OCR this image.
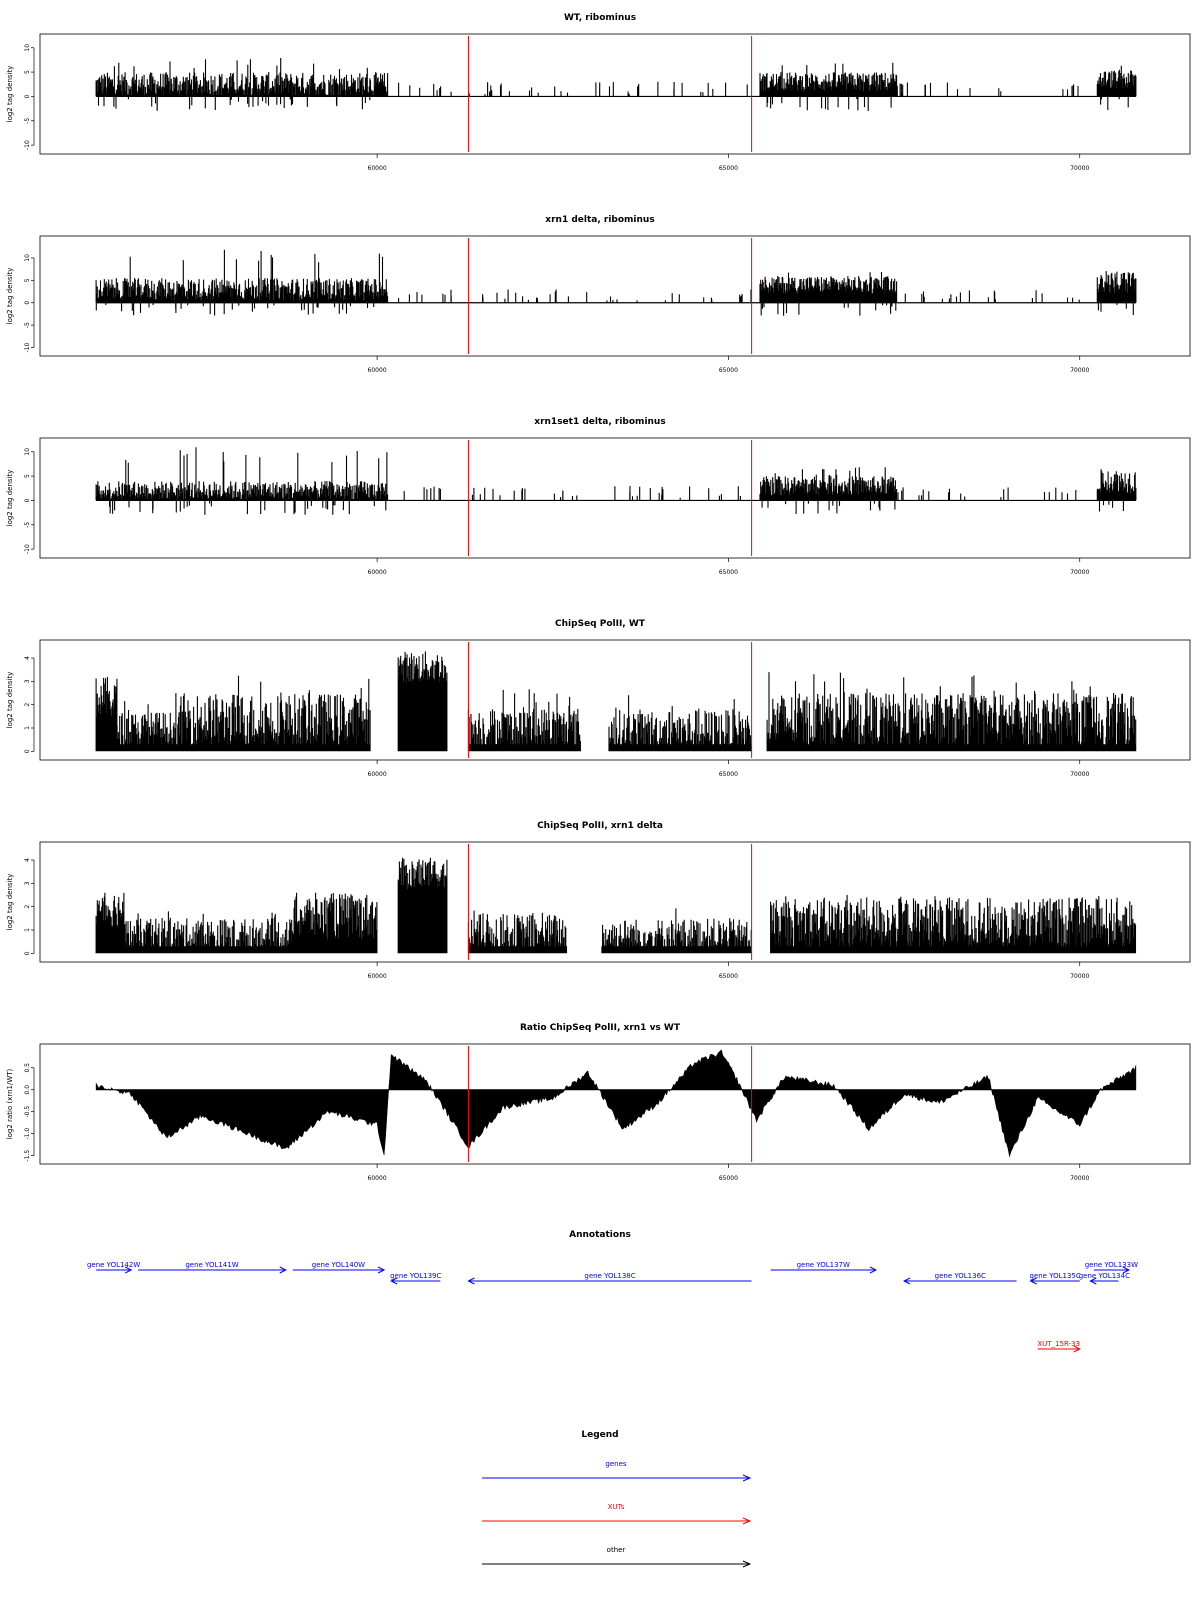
WT, ribominus
-10
-5
0
5
10
log2 tag density
60000	65000	70000
xrn1 delta, ribominus
-10
-5
0
5
10
log2 tag density
60000	65000	70000
xrn1set1 delta, ribominus
-10
-5
0
5
10
log2 tag density
60000	65000	70000
ChipSeq PolII, WT
0
1
2
3
4
log2 tag density
60000	65000	70000
ChipSeq PolII, xrn1 delta
0
1
2
3
4
log2 tag density
60000	65000	70000
Ratio ChipSeq PolII, xrn1 vs WT
-1.5
-1.0
-0.5
0.0
0.5
log2 ratio (xrn1/WT)
60000	65000	70000
Annotations
gene YOL142W	gene YOL141W	gene YOL140W
gene YOL139C	gene YOL138C
gene YOL137W
gene YOL136C	gene YOL135C
gene YOL134C
gene YOL133W
XUT_15R-33
Legend
genes
XUTs
other
